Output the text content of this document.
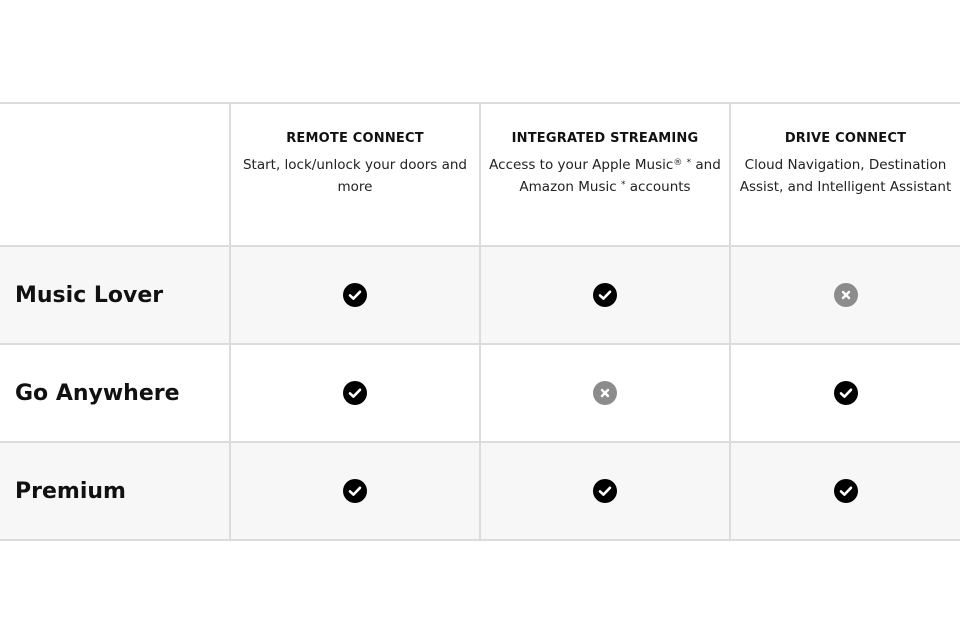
REMOTE CONNECT
Start, lock/unlock your doors and more
INTEGRATED STREAMING
Access to your Apple Music® * and Amazon Music * accounts
DRIVE CONNECT
Cloud Navigation, Destination Assist, and Intelligent Assistant
Music Lover
Go Anywhere
Premium
